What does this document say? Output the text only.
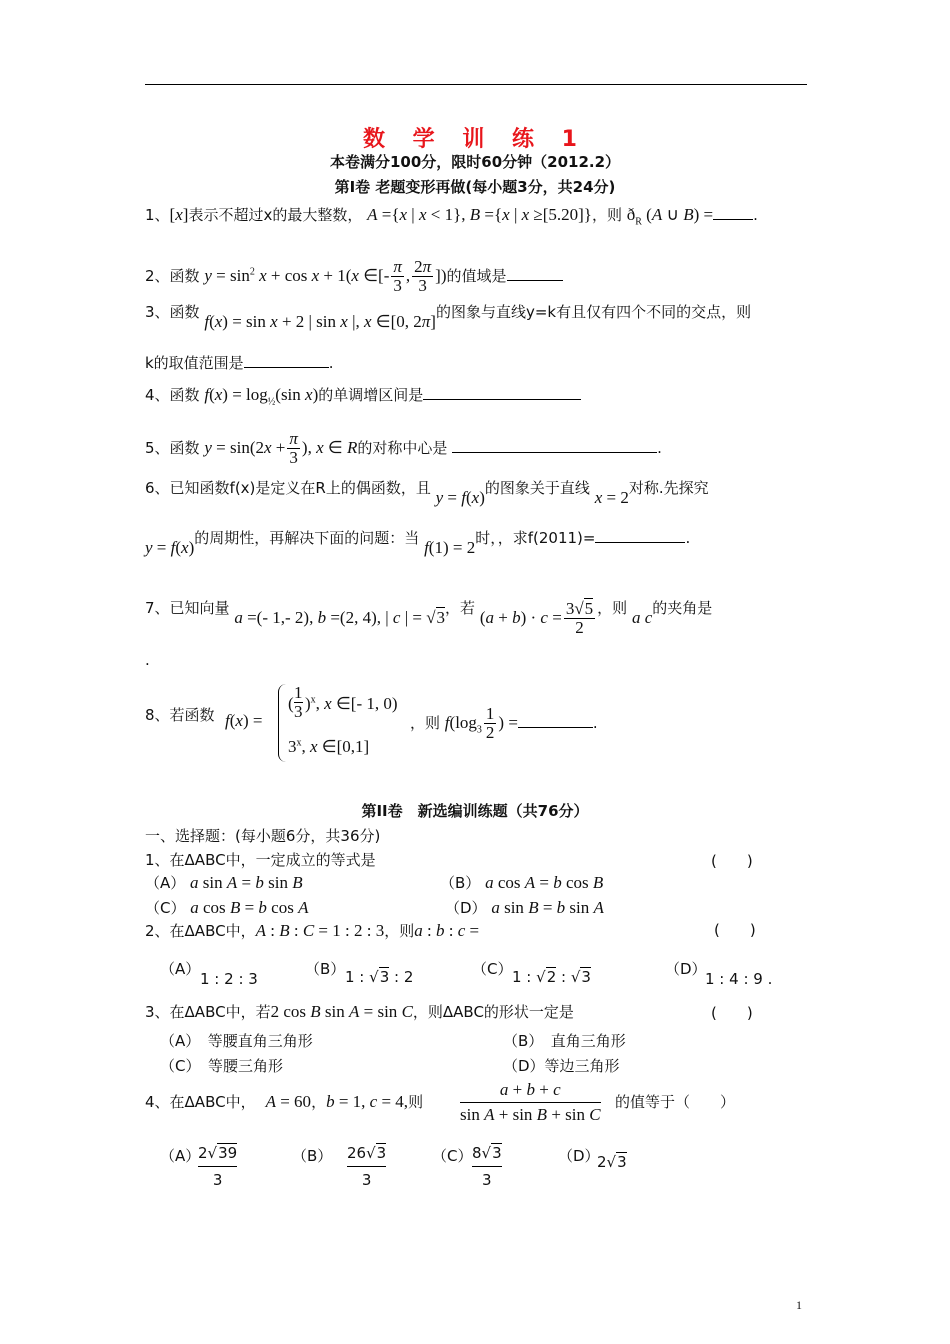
数 学 训 练 1
本卷满分100分，限时60分钟（2012.2）
第I卷 老题变形再做(每小题3分，共24分)
1、[x]表示不超过x的最大整数， A ={x | x < 1}, B ={x | x ≥[5.20]}，则 $ð_R$ (A ∪ B) =	.
2、函数 $y = \sin^2 x + \cos x + 1(x$ ∈[- $\frac{\pi}{3}$ , $\frac{2\pi}{3}$ ])的值域是
3、函数 f(x) = sin x + 2 | sin x |, x ∈[0, 2π]的图象与直线y=k有且仅有四个不同的交点，则
k的取值范围是	.
4、函数 $f(x) = \log_{\frac{1}{2}}(\sin$ x)的单调增区间是
5、函数 $y = \sin(2x + \frac{\pi}{3}$ ), x ∈ R的对称中心是	.
6、已知函数f(x)是定义在R上的偶函数，且 y = f(x)的图象关于直线 x = 2对称.先探究
y = f(x)的周期性，再解决下面的问题：当 f(1) = 2时，，求f(2011)=	.
7、已知向量 a =(- 1,- 2), b =(2, 4), | c | = √3，若 $(a + b) \cdot c = \frac{3√5}{2}$ ，则 a c的夹角是
.
8、若函数 f(x) =
(
1
3 )$^x$, x ∈[- 1, 0)
3$^x$, x ∈[0,1]
，则 $f(\log_3 \frac{1}{2}$ ) =	.
第II卷　新选编训练题（共76分）
一、选择题：(每小题6分，共36分)
1、在ΔABC中，一定成立的等式是	(　　)
（A） a sin A = b sin B	（B） a cos A = b cos B
（C） a cos B = b cos A	（D） a sin B = b sin A
2、在ΔABC中，A : B : C = 1 : 2 : 3，则a : b : c =	(　　)
（A）
1 : 2 : 3
（B） 1 : √3 : 2	（C） 1 : √2 : √3	（D）
1 : 4 : 9 .
3、在ΔABC中，若2 cos B sin A = sin C，则ΔABC的形状一定是	(　　)
（A）　等腰直角三角形	（B）　直角三角形
（C）　等腰三角形	（D）等边三角形
4、在ΔABC中， A = 60，b = 1, c = 4,则
a + b + c
sin A + sin B + sin C
的值等于（　　）
（A）
2√39
3
（B） 26√3
3
（C） 8√3
3
（D）
2√3
1
